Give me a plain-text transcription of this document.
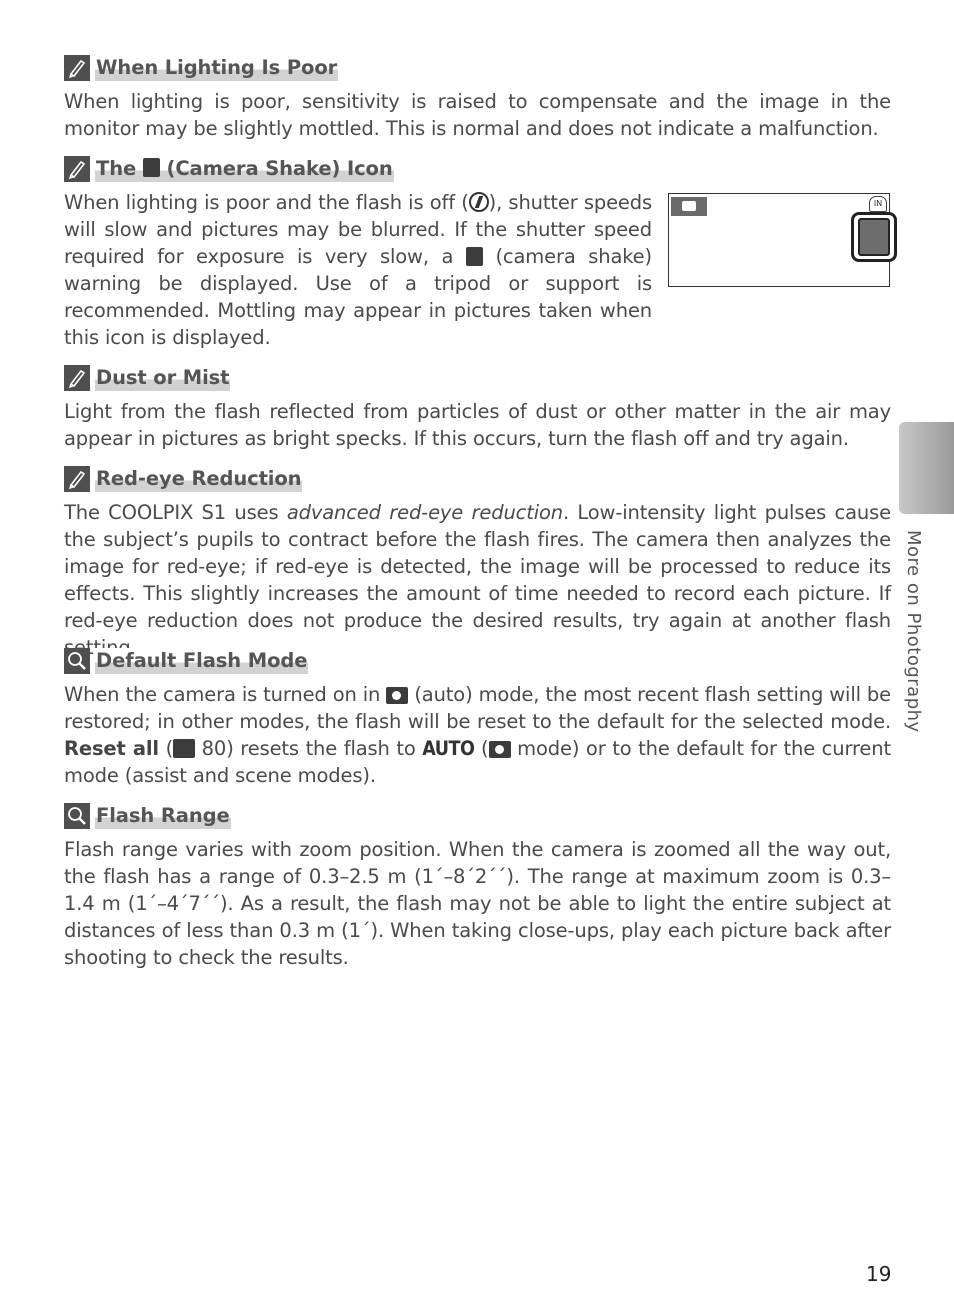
When Lighting Is Poor
When lighting is poor, sensitivity is raised to compensate and the image in the monitor may be slightly mottled. This is normal and does not indicate a malfunction.
The  (Camera Shake) Icon
When lighting is poor and the flash is off ( ), shutter speeds will slow and pictures may be blurred. If the shutter speed required for exposure is very slow, a  (camera shake) warning be displayed. Use of a tripod or support is recommended. Mottling may appear in pictures taken when this icon is displayed.
IN
Dust or Mist
Light from the flash reflected from particles of dust or other matter in the air may appear in pictures as bright specks. If this occurs, turn the flash off and try again.
Red-eye Reduction
The COOLPIX S1 uses advanced red-eye reduction. Low-intensity light pulses cause the subject’s pupils to contract before the flash fires. The camera then analyzes the image for red-eye; if red-eye is detected, the image will be processed to reduce its effects. This slightly increases the amount of time needed to record each picture. If red-eye reduction does not produce the desired results, try again at another flash
Default Flash Mode
When the camera is turned on in  (auto) mode, the most recent flash setting will be restored; in other modes, the flash will be reset to the default for the selected mode. Reset all ( 80) resets the flash to AUTO ( mode) or to the default for the current mode (assist and scene modes).
Flash Range
Flash range varies with zoom position. When the camera is zoomed all the way out, the flash has a range of 0.3–2.5 m (1´–8´2´´). The range at maximum zoom is 0.3–1.4 m (1´–4´7´´). As a result, the flash may not be able to light the entire subject at distances of less than 0.3 m (1´). When taking close-ups, play each picture back after shooting to check the results.
More on Photography
19
